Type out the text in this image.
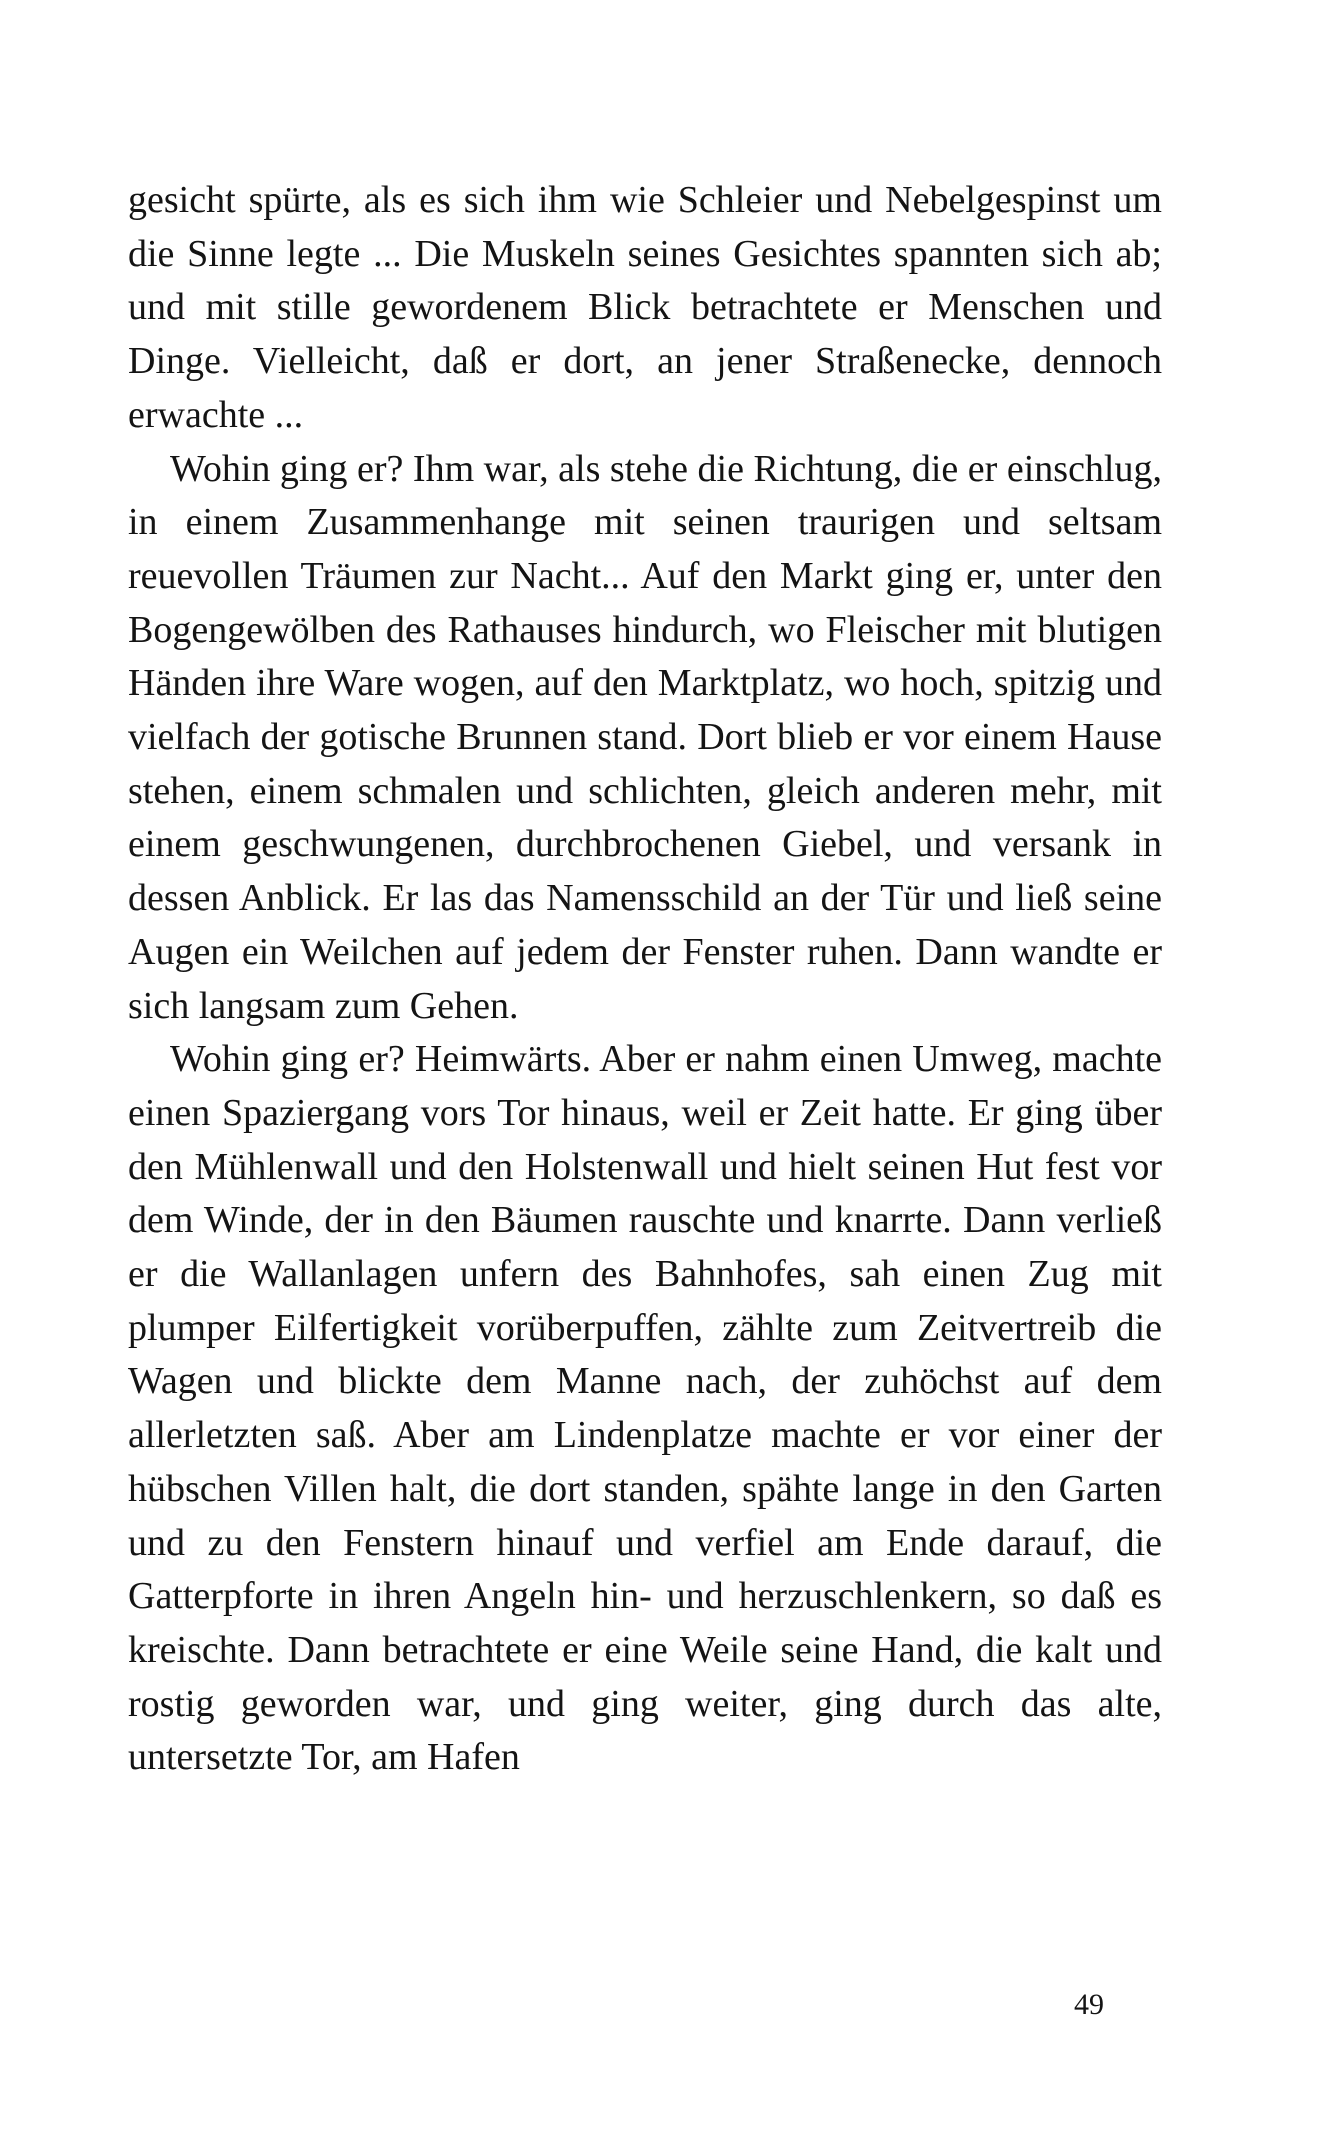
gesicht spürte, als es sich ihm wie Schleier und Nebelgespinst um die Sinne legte ... Die Muskeln seines Gesichtes spannten sich ab; und mit stille gewordenem Blick betrachtete er Menschen und Dinge. Vielleicht, daß er dort, an jener Straßenecke, dennoch erwachte ...

Wohin ging er? Ihm war, als stehe die Richtung, die er einschlug, in einem Zusammenhange mit seinen traurigen und seltsam reuevollen Träumen zur Nacht... Auf den Markt ging er, unter den Bogengewölben des Rathauses hindurch, wo Fleischer mit blutigen Händen ihre Ware wogen, auf den Marktplatz, wo hoch, spitzig und vielfach der gotische Brunnen stand. Dort blieb er vor einem Hause stehen, einem schmalen und schlichten, gleich anderen mehr, mit einem geschwungenen, durchbrochenen Giebel, und versank in dessen Anblick. Er las das Namensschild an der Tür und ließ seine Augen ein Weilchen auf jedem der Fenster ruhen. Dann wandte er sich langsam zum Gehen.

Wohin ging er? Heimwärts. Aber er nahm einen Umweg, machte einen Spaziergang vors Tor hinaus, weil er Zeit hatte. Er ging über den Mühlenwall und den Holstenwall und hielt seinen Hut fest vor dem Winde, der in den Bäumen rauschte und knarrte. Dann verließ er die Wallanlagen unfern des Bahnhofes, sah einen Zug mit plumper Eilfertigkeit vorüberpuffen, zählte zum Zeitvertreib die Wagen und blickte dem Manne nach, der zuhöchst auf dem allerletzten saß. Aber am Lindenplatze machte er vor einer der hübschen Villen halt, die dort standen, spähte lange in den Garten und zu den Fenstern hinauf und verfiel am Ende darauf, die Gatterpforte in ihren Angeln hin- und herzuschlenkern, so daß es kreischte. Dann betrachtete er eine Weile seine Hand, die kalt und rostig geworden war, und ging weiter, ging durch das alte, untersetzte Tor, am Hafen

49
